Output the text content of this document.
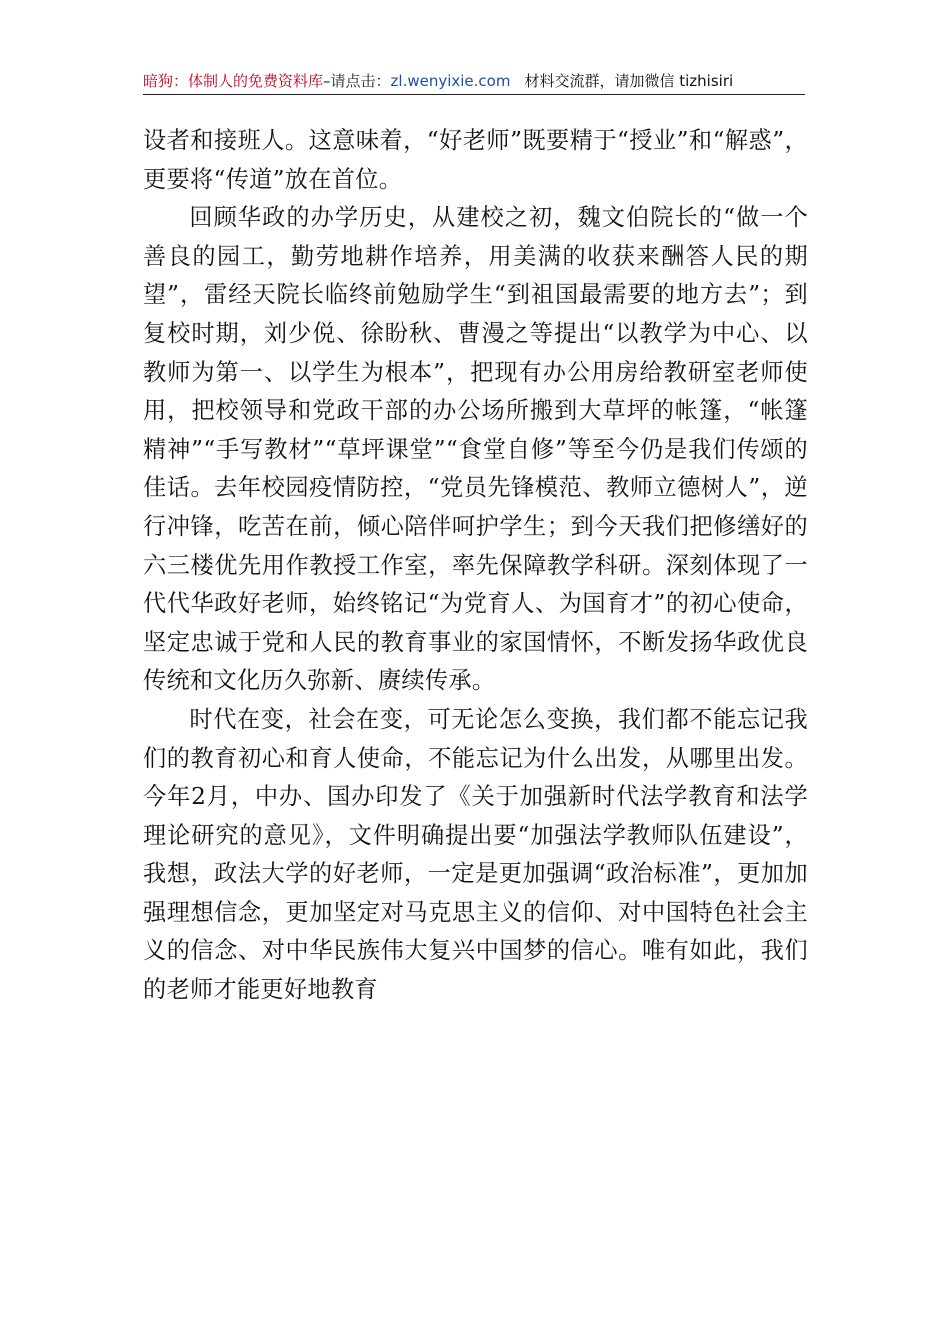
暗狗：体制人的免费资料库–请点击：zl.wenyixie.com 材料交流群，请加微信 tizhisiri

设者和接班人。这意味着，“好老师”既要精于“授业”和“解惑”，更要将“传道”放在首位。

回顾华政的办学历史，从建校之初，魏文伯院长的“做一个善良的园工，勤劳地耕作培养，用美满的收获来酬答人民的期望”，雷经天院长临终前勉励学生“到祖国最需要的地方去”；到复校时期，刘少侻、徐盼秋、曹漫之等提出“以教学为中心、以教师为第一、以学生为根本”，把现有办公用房给教研室老师使用，把校领导和党政干部的办公场所搬到大草坪的帐篷，“帐篷精神”“手写教材”“草坪课堂”“食堂自修”等至今仍是我们传颂的佳话。去年校园疫情防控，“党员先锋模范、教师立德树人”，逆行冲锋，吃苦在前，倾心陪伴呵护学生；到今天我们把修缮好的六三楼优先用作教授工作室，率先保障教学科研。深刻体现了一代代华政好老师，始终铭记“为党育人、为国育才”的初心使命，坚定忠诚于党和人民的教育事业的家国情怀，不断发扬华政优良传统和文化历久弥新、赓续传承。

时代在变，社会在变，可无论怎么变换，我们都不能忘记我们的教育初心和育人使命，不能忘记为什么出发，从哪里出发。今年2月，中办、国办印发了《关于加强新时代法学教育和法学理论研究的意见》，文件明确提出要“加强法学教师队伍建设”，我想，政法大学的好老师，一定是更加强调“政治标准”，更加加强理想信念，更加坚定对马克思主义的信仰、对中国特色社会主义的信念、对中华民族伟大复兴中国梦的信心。唯有如此，我们的老师才能更好地教育
